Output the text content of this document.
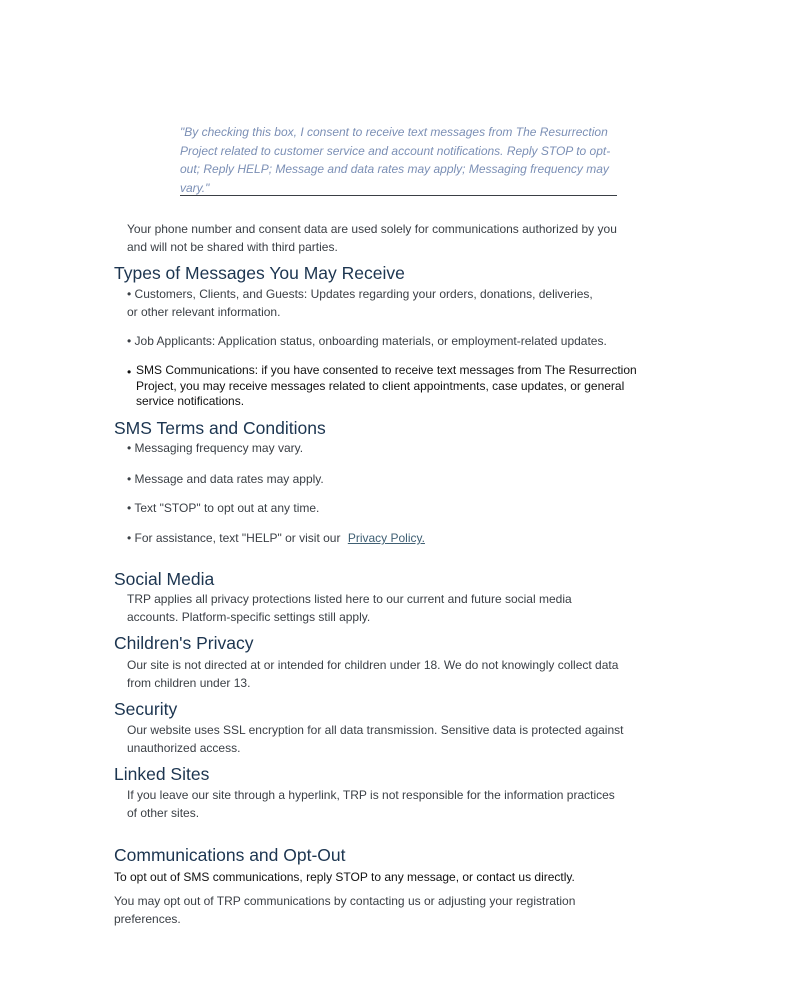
"By checking this box, I consent to receive text messages from The Resurrection
Project related to customer service and account notifications. Reply STOP to opt-
out; Reply HELP; Message and data rates may apply; Messaging frequency may
vary."
Your phone number and consent data are used solely for communications authorized by you
and will not be shared with third parties.
Types of Messages You May Receive
• Customers, Clients, and Guests: Updates regarding your orders, donations, deliveries,
or other relevant information.
• Job Applicants: Application status, onboarding materials, or employment-related updates.
• SMS Communications: if you have consented to receive text messages from The Resurrection
Project, you may receive messages related to client appointments, case updates, or general
service notifications.
SMS Terms and Conditions
• Messaging frequency may vary.
• Message and data rates may apply.
• Text "STOP" to opt out at any time.
• For assistance, text "HELP" or visit our Privacy Policy.
Social Media
TRP applies all privacy protections listed here to our current and future social media
accounts. Platform-specific settings still apply.
Children's Privacy
Our site is not directed at or intended for children under 18. We do not knowingly collect data
from children under 13.
Security
Our website uses SSL encryption for all data transmission. Sensitive data is protected against
unauthorized access.
Linked Sites
If you leave our site through a hyperlink, TRP is not responsible for the information practices
of other sites.
Communications and Opt-Out
To opt out of SMS communications, reply STOP to any message, or contact us directly.
You may opt out of TRP communications by contacting us or adjusting your registration
preferences.
